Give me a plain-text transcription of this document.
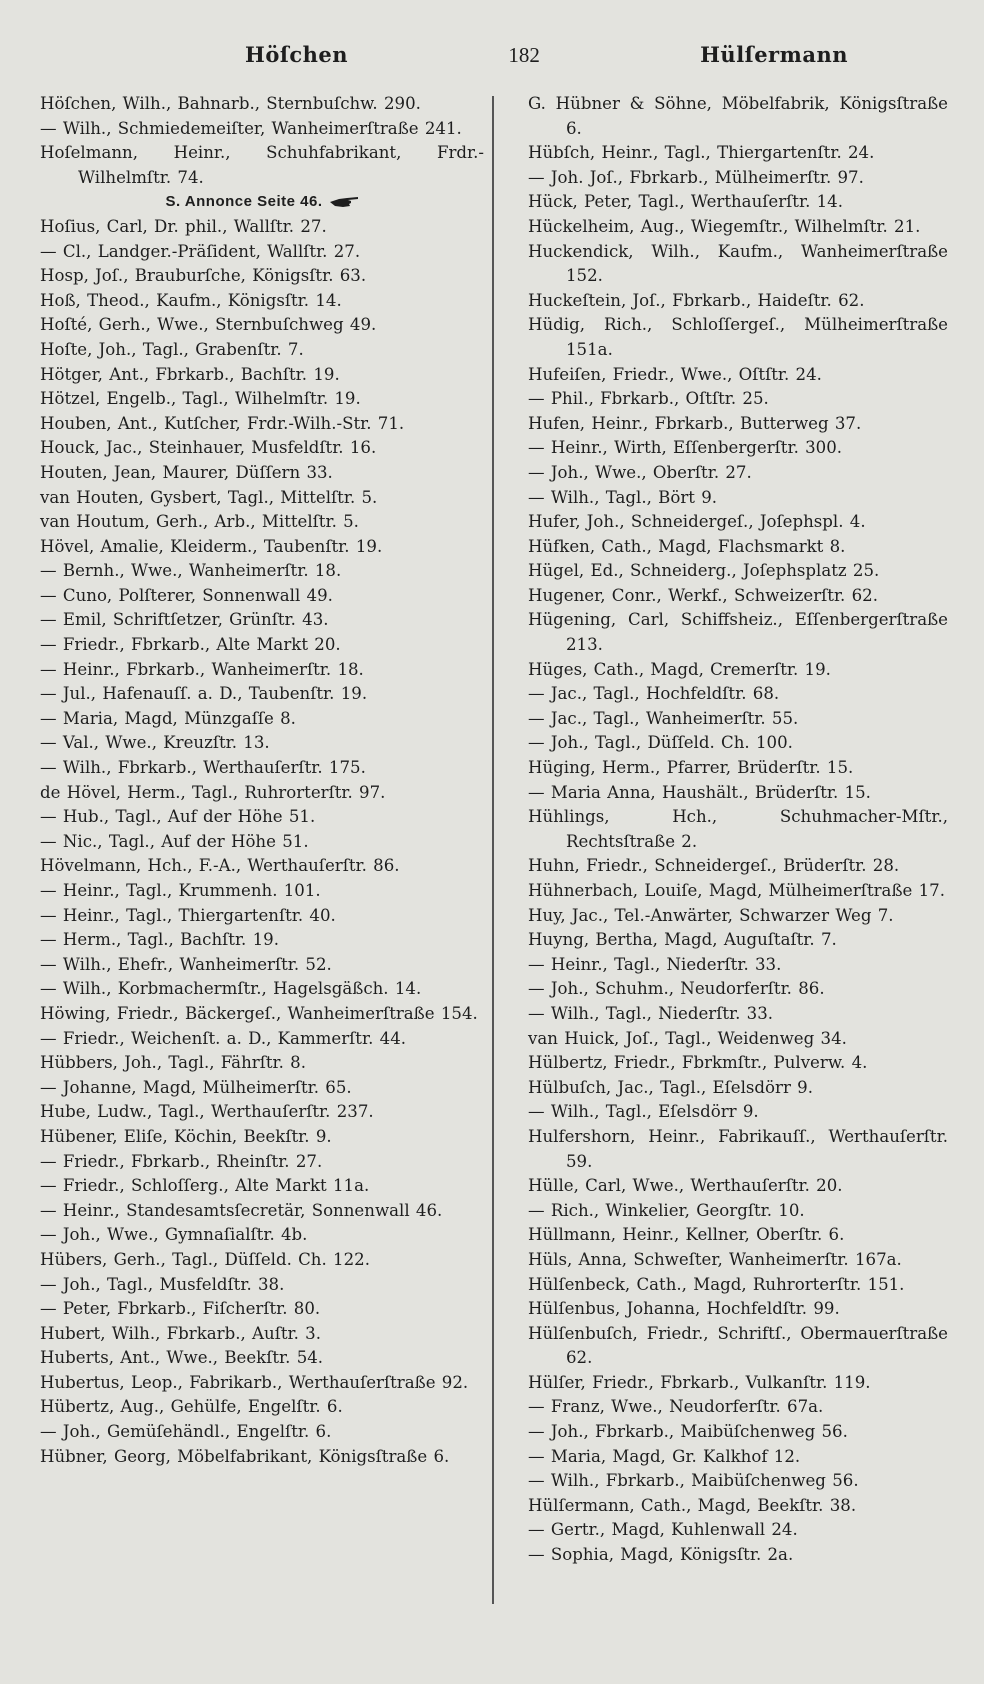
Höſchen	182	Hülſermann
Höſchen, Wilh., Bahnarb., Sternbuſchw. 290.
— Wilh., Schmiedemeiſter, Wanheimerſtraße 241.
Hoſelmann, Heinr., Schuhfabrikant, Frdr.-Wilhelmſtr. 74.
S. Annonce Seite 46.
Hoſius, Carl, Dr. phil., Wallſtr. 27.
— Cl., Landger.-Präſident, Wallſtr. 27.
Hosp, Joſ., Brauburſche, Königsſtr. 63.
Hoß, Theod., Kaufm., Königsſtr. 14.
Hoſté, Gerh., Wwe., Sternbuſchweg 49.
Hoſte, Joh., Tagl., Grabenſtr. 7.
Hötger, Ant., Fbrkarb., Bachſtr. 19.
Hötzel, Engelb., Tagl., Wilhelmſtr. 19.
Houben, Ant., Kutſcher, Frdr.-Wilh.-Str. 71.
Houck, Jac., Steinhauer, Musfeldſtr. 16.
Houten, Jean, Maurer, Düſſern 33.
van Houten, Gysbert, Tagl., Mittelſtr. 5.
van Houtum, Gerh., Arb., Mittelſtr. 5.
Hövel, Amalie, Kleiderm., Taubenſtr. 19.
— Bernh., Wwe., Wanheimerſtr. 18.
— Cuno, Polſterer, Sonnenwall 49.
— Emil, Schriftſetzer, Grünſtr. 43.
— Friedr., Fbrkarb., Alte Markt 20.
— Heinr., Fbrkarb., Wanheimerſtr. 18.
— Jul., Hafenauſſ. a. D., Taubenſtr. 19.
— Maria, Magd, Münzgaſſe 8.
— Val., Wwe., Kreuzſtr. 13.
— Wilh., Fbrkarb., Werthauſerſtr. 175.
de Hövel, Herm., Tagl., Ruhrorterſtr. 97.
— Hub., Tagl., Auf der Höhe 51.
— Nic., Tagl., Auf der Höhe 51.
Hövelmann, Hch., F.-A., Werthauſerſtr. 86.
— Heinr., Tagl., Krummenh. 101.
— Heinr., Tagl., Thiergartenſtr. 40.
— Herm., Tagl., Bachſtr. 19.
— Wilh., Ehefr., Wanheimerſtr. 52.
— Wilh., Korbmachermſtr., Hagelsgäßch. 14.
Höwing, Friedr., Bäckergeſ., Wanheimerſtraße 154.
— Friedr., Weichenſt. a. D., Kammerſtr. 44.
Hübbers, Joh., Tagl., Fährſtr. 8.
— Johanne, Magd, Mülheimerſtr. 65.
Hube, Ludw., Tagl., Werthauſerſtr. 237.
Hübener, Eliſe, Köchin, Beekſtr. 9.
— Friedr., Fbrkarb., Rheinſtr. 27.
— Friedr., Schloſſerg., Alte Markt 11a.
— Heinr., Standesamtsſecretär, Sonnenwall 46.
— Joh., Wwe., Gymnaſialſtr. 4b.
Hübers, Gerh., Tagl., Düſſeld. Ch. 122.
— Joh., Tagl., Musfeldſtr. 38.
— Peter, Fbrkarb., Fiſcherſtr. 80.
Hubert, Wilh., Fbrkarb., Auſtr. 3.
Huberts, Ant., Wwe., Beekſtr. 54.
Hubertus, Leop., Fabrikarb., Werthauſerſtraße 92.
Hübertz, Aug., Gehülfe, Engelſtr. 6.
— Joh., Gemüſehändl., Engelſtr. 6.
Hübner, Georg, Möbelfabrikant, Königsſtraße 6.
G. Hübner & Söhne, Möbelfabrik, Königsſtraße 6.
Hübſch, Heinr., Tagl., Thiergartenſtr. 24.
— Joh. Joſ., Fbrkarb., Mülheimerſtr. 97.
Hück, Peter, Tagl., Werthauſerſtr. 14.
Hückelheim, Aug., Wiegemſtr., Wilhelmſtr. 21.
Huckendick, Wilh., Kaufm., Wanheimerſtraße 152.
Huckeſtein, Joſ., Fbrkarb., Haideſtr. 62.
Hüdig, Rich., Schloſſergeſ., Mülheimerſtraße 151a.
Hufeiſen, Friedr., Wwe., Oſtſtr. 24.
— Phil., Fbrkarb., Oſtſtr. 25.
Hufen, Heinr., Fbrkarb., Butterweg 37.
— Heinr., Wirth, Eſſenbergerſtr. 300.
— Joh., Wwe., Oberſtr. 27.
— Wilh., Tagl., Bört 9.
Hufer, Joh., Schneidergeſ., Joſephspl. 4.
Hüfken, Cath., Magd, Flachsmarkt 8.
Hügel, Ed., Schneiderg., Joſephsplatz 25.
Hugener, Conr., Werkf., Schweizerſtr. 62.
Hügening, Carl, Schiffsheiz., Eſſenbergerſtraße 213.
Hüges, Cath., Magd, Cremerſtr. 19.
— Jac., Tagl., Hochfeldſtr. 68.
— Jac., Tagl., Wanheimerſtr. 55.
— Joh., Tagl., Düſſeld. Ch. 100.
Hüging, Herm., Pfarrer, Brüderſtr. 15.
— Maria Anna, Haushält., Brüderſtr. 15.
Hühlings, Hch., Schuhmacher-Mſtr., Rechtsſtraße 2.
Huhn, Friedr., Schneidergeſ., Brüderſtr. 28.
Hühnerbach, Louiſe, Magd, Mülheimerſtraße 17.
Huy, Jac., Tel.-Anwärter, Schwarzer Weg 7.
Huyng, Bertha, Magd, Auguſtaſtr. 7.
— Heinr., Tagl., Niederſtr. 33.
— Joh., Schuhm., Neudorferſtr. 86.
— Wilh., Tagl., Niederſtr. 33.
van Huick, Joſ., Tagl., Weidenweg 34.
Hülbertz, Friedr., Fbrkmſtr., Pulverw. 4.
Hülbuſch, Jac., Tagl., Eſelsdörr 9.
— Wilh., Tagl., Eſelsdörr 9.
Hulfershorn, Heinr., Fabrikauſſ., Werthauſerſtr. 59.
Hülle, Carl, Wwe., Werthauſerſtr. 20.
— Rich., Winkelier, Georgſtr. 10.
Hüllmann, Heinr., Kellner, Oberſtr. 6.
Hüls, Anna, Schweſter, Wanheimerſtr. 167a.
Hülſenbeck, Cath., Magd, Ruhrorterſtr. 151.
Hülſenbus, Johanna, Hochfeldſtr. 99.
Hülſenbuſch, Friedr., Schriftſ., Obermauerſtraße 62.
Hülſer, Friedr., Fbrkarb., Vulkanſtr. 119.
— Franz, Wwe., Neudorferſtr. 67a.
— Joh., Fbrkarb., Maibüſchenweg 56.
— Maria, Magd, Gr. Kalkhof 12.
— Wilh., Fbrkarb., Maibüſchenweg 56.
Hülſermann, Cath., Magd, Beekſtr. 38.
— Gertr., Magd, Kuhlenwall 24.
— Sophia, Magd, Königsſtr. 2a.
